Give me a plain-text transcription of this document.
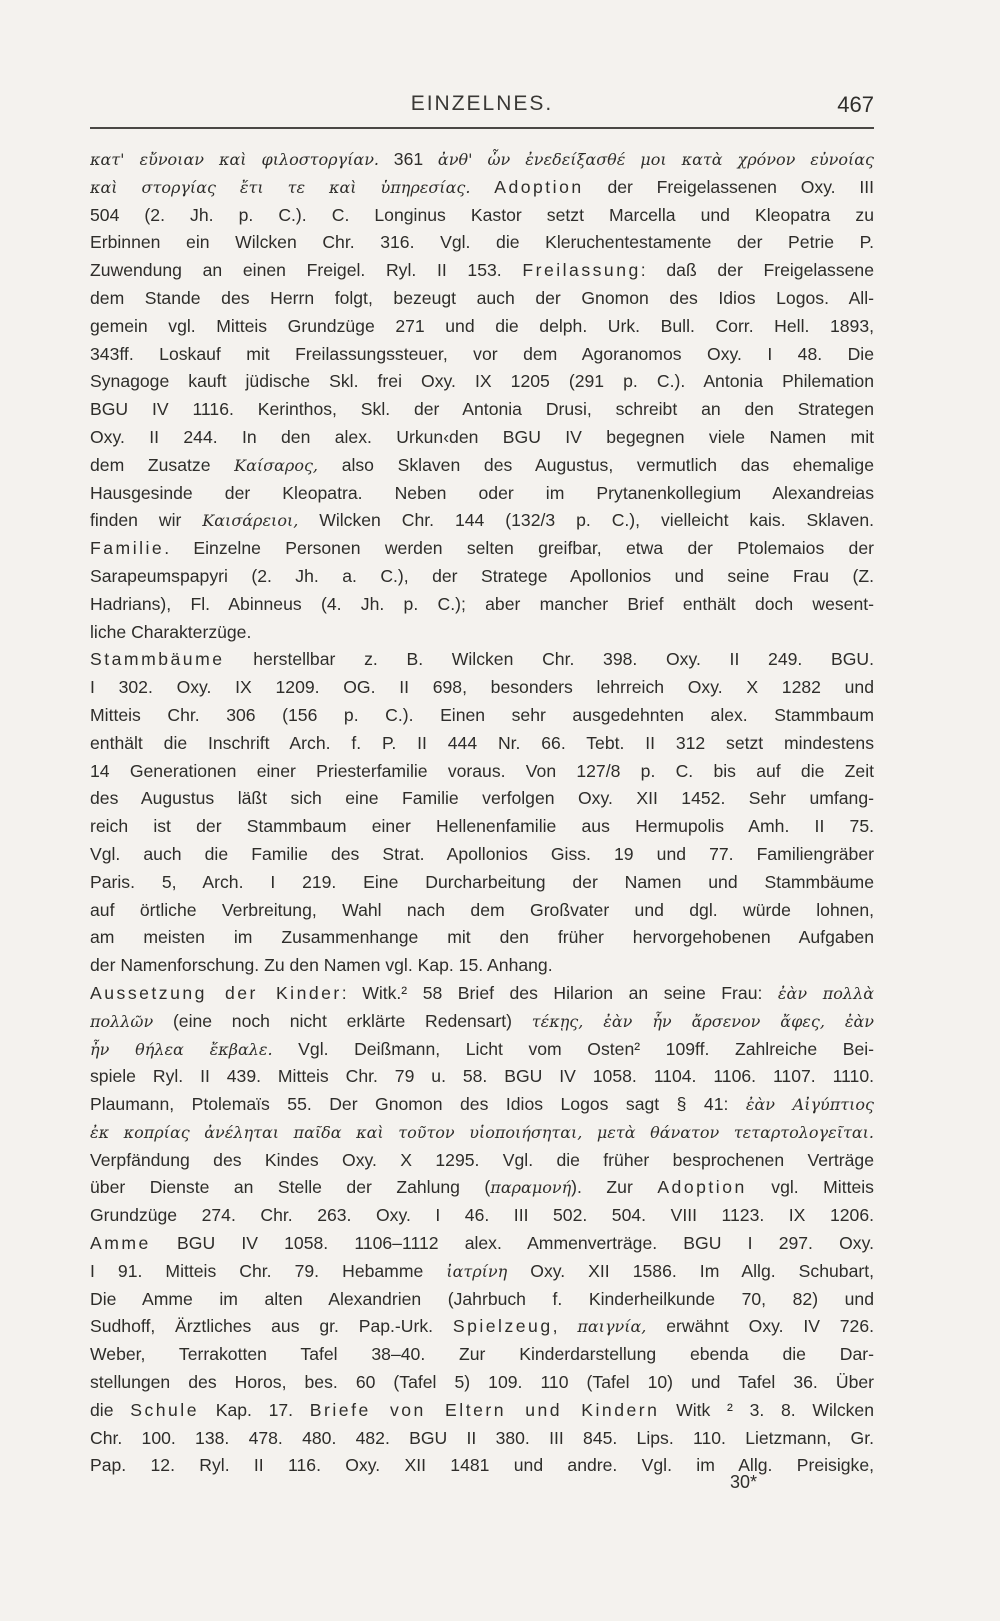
EINZELNES.	467
κατ' εὔνοιαν καὶ φιλοστοργίαν. 361 ἀνθ' ὧν ἐνεδείξασθέ μοι κατὰ χρόνον εὐνοίας
καὶ στοργίας ἔτι τε καὶ ὑπηρεσίας. Adoption der Freigelassenen Oxy. III
504 (2. Jh. p. C.). C. Longinus Kastor setzt Marcella und Kleopatra zu
Erbinnen ein Wilcken Chr. 316. Vgl. die Kleruchentestamente der Petrie P.
Zuwendung an einen Freigel. Ryl. II 153. Freilassung: daß der Freigelassene
dem Stande des Herrn folgt, bezeugt auch der Gnomon des Idios Logos. All-
gemein vgl. Mitteis Grundzüge 271 und die delph. Urk. Bull. Corr. Hell. 1893,
343ff. Loskauf mit Freilassungssteuer, vor dem Agoranomos Oxy. I 48. Die
Synagoge kauft jüdische Skl. frei Oxy. IX 1205 (291 p. C.). Antonia Philemation
BGU IV 1116. Kerinthos, Skl. der Antonia Drusi, schreibt an den Strategen
Oxy. II 244. In den alex. Urkun‹den BGU IV begegnen viele Namen mit
dem Zusatze Καίσαρος, also Sklaven des Augustus, vermutlich das ehemalige
Hausgesinde der Kleopatra. Neben oder im Prytanenkollegium Alexandreias
finden wir Καισάρειοι, Wilcken Chr. 144 (132/3 p. C.), vielleicht kais. Sklaven.
Familie. Einzelne Personen werden selten greifbar, etwa der Ptolemaios der
Sarapeumspapyri (2. Jh. a. C.), der Stratege Apollonios und seine Frau (Z.
Hadrians), Fl. Abinneus (4. Jh. p. C.); aber mancher Brief enthält doch wesent-
liche Charakterzüge.
Stammbäume herstellbar z. B. Wilcken Chr. 398. Oxy. II 249. BGU.
I 302. Oxy. IX 1209. OG. II 698, besonders lehrreich Oxy. X 1282 und
Mitteis Chr. 306 (156 p. C.). Einen sehr ausgedehnten alex. Stammbaum
enthält die Inschrift Arch. f. P. II 444 Nr. 66. Tebt. II 312 setzt mindestens
14 Generationen einer Priesterfamilie voraus. Von 127/8 p. C. bis auf die Zeit
des Augustus läßt sich eine Familie verfolgen Oxy. XII 1452. Sehr umfang-
reich ist der Stammbaum einer Hellenenfamilie aus Hermupolis Amh. II 75.
Vgl. auch die Familie des Strat. Apollonios Giss. 19 und 77. Familiengräber
Paris. 5, Arch. I 219. Eine Durcharbeitung der Namen und Stammbäume
auf örtliche Verbreitung, Wahl nach dem Großvater und dgl. würde lohnen,
am meisten im Zusammenhange mit den früher hervorgehobenen Aufgaben
der Namenforschung. Zu den Namen vgl. Kap. 15. Anhang.
Aussetzung der Kinder: Witk.² 58 Brief des Hilarion an seine Frau: ἐὰν πολλὰ
πολλῶν (eine noch nicht erklärte Redensart) τέκῃς, ἐὰν ἦν ἄρσενον ἄφες, ἐὰν
ἦν θήλεα ἔκβαλε. Vgl. Deißmann, Licht vom Osten² 109ff. Zahlreiche Bei-
spiele Ryl. II 439. Mitteis Chr. 79 u. 58. BGU IV 1058. 1104. 1106. 1107. 1110.
Plaumann, Ptolemaïs 55. Der Gnomon des Idios Logos sagt § 41: ἐὰν Αἰγύπτιος
ἐκ κοπρίας ἀνέληται παῖδα καὶ τοῦτον υἱοποιήσηται, μετὰ θάνατον τεταρτολογεῖται.
Verpfändung des Kindes Oxy. X 1295. Vgl. die früher besprochenen Verträge
über Dienste an Stelle der Zahlung (παραμονή). Zur Adoption vgl. Mitteis
Grundzüge 274. Chr. 263. Oxy. I 46. III 502. 504. VIII 1123. IX 1206.
Amme BGU IV 1058. 1106–1112 alex. Ammenverträge. BGU I 297. Oxy.
I 91. Mitteis Chr. 79. Hebamme ἰατρίνη Oxy. XII 1586. Im Allg. Schubart,
Die Amme im alten Alexandrien (Jahrbuch f. Kinderheilkunde 70, 82) und
Sudhoff, Ärztliches aus gr. Pap.-Urk. Spielzeug, παιγνία, erwähnt Oxy. IV 726.
Weber, Terrakotten Tafel 38–40. Zur Kinderdarstellung ebenda die Dar-
stellungen des Horos, bes. 60 (Tafel 5) 109. 110 (Tafel 10) und Tafel 36. Über
die Schule Kap. 17. Briefe von Eltern und Kindern Witk ² 3. 8. Wilcken
Chr. 100. 138. 478. 480. 482. BGU II 380. III 845. Lips. 110. Lietzmann, Gr.
Pap. 12. Ryl. II 116. Oxy. XII 1481 und andre. Vgl. im Allg. Preisigke,
30*
